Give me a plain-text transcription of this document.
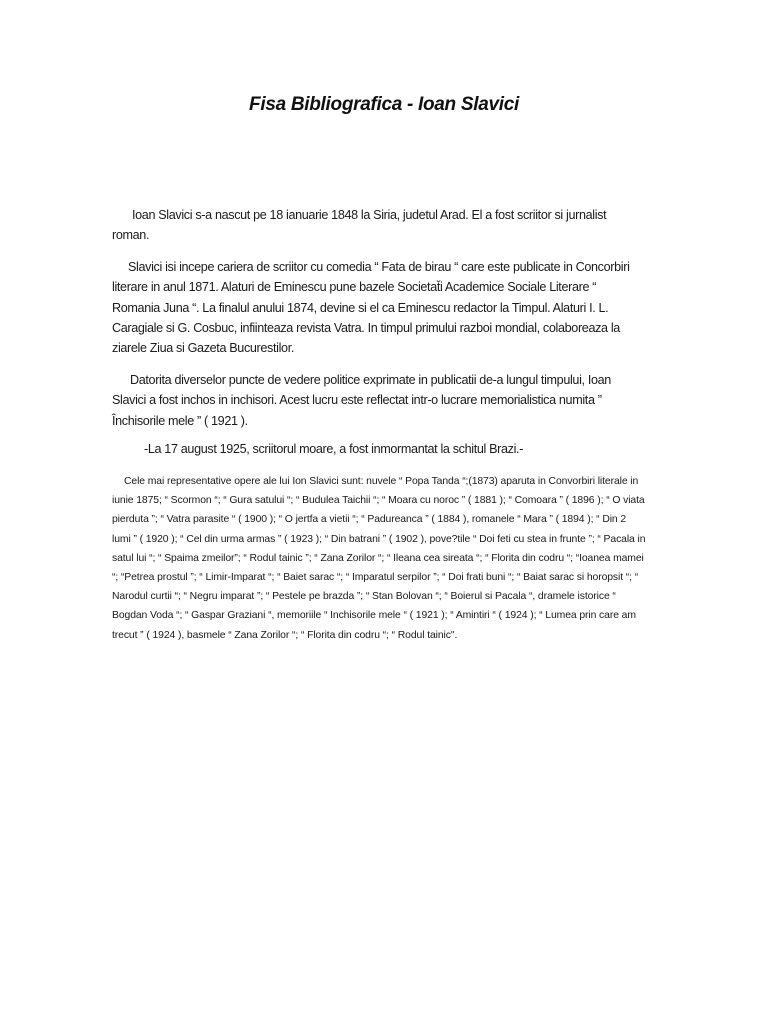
Fisa Bibliografica - Ioan Slavici

Ioan Slavici s-a nascut pe 18 ianuarie 1848 la Siria, judetul Arad. El a fost scriitor si jurnalist roman.

Slavici isi incepe cariera de scriitor cu comedia “ Fata de birau “ care este publicate in Concorbiri literare in anul 1871. Alaturi de Eminescu pune bazele Societat̆i Academice Sociale Literare “ Romania Juna “. La finalul anului 1874, devine si el ca Eminescu redactor la Timpul. Alaturi I. L. Caragiale si G. Cosbuc, infiinteaza revista Vatra. In timpul primului razboi mondial, colaboreaza la ziarele Ziua si Gazeta Bucurestilor.

Datorita diverselor puncte de vedere politice exprimate in publicatii de-a lungul timpului, Ioan Slavici a fost inchos in inchisori. Acest lucru este reflectat intr-o lucrare memorialistica numita ” Închisorile mele ” ( 1921 ).

-La 17 august 1925, scriitorul moare, a fost inmormantat la schitul Brazi.-

Cele mai representative opere ale lui Ion Slavici sunt: nuvele “ Popa Tanda “;(1873) aparuta in Convorbiri literale in iunie 1875; “ Scormon “; “ Gura satului “; “ Budulea Taichii “; “ Moara cu noroc ” ( 1881 ); “ Comoara ” ( 1896 ); “ O viata pierduta ”; “ Vatra parasite “ ( 1900 ); “ O jertfa a vietii “; “ Padureanca ” ( 1884 ), romanele “ Mara ” ( 1894 ); “ Din 2 lumi ” ( 1920 ); “ Cel din urma armas ” ( 1923 ); “ Din batrani ” ( 1902 ), pove?tile “ Doi feti cu stea in frunte ”; “ Pacala in satul lui “; “ Spaima zmeilor”; “ Rodul tainic ”; “ Zana Zorilor “; “ Ileana cea sireata “; “ Florita din codru “; “Ioanea mamei “; “Petrea prostul ”; “ Limir-Imparat “; “ Baiet sarac “; “ Imparatul serpilor ”; “ Doi frati buni “; “ Baiat sarac si horopsit “; “ Narodul curtii “; “ Negru imparat ”; “ Pestele pe brazda ”; “ Stan Bolovan “; “ Boierul si Pacala “, dramele istorice “ Bogdan Voda “; “ Gaspar Graziani “, memoriile “ Inchisorile mele “ ( 1921 ); “ Amintiri “ ( 1924 ); “ Lumea prin care am trecut ” ( 1924 ), basmele “ Zana Zorilor “; “ Florita din codru “; “ Rodul tainic".
